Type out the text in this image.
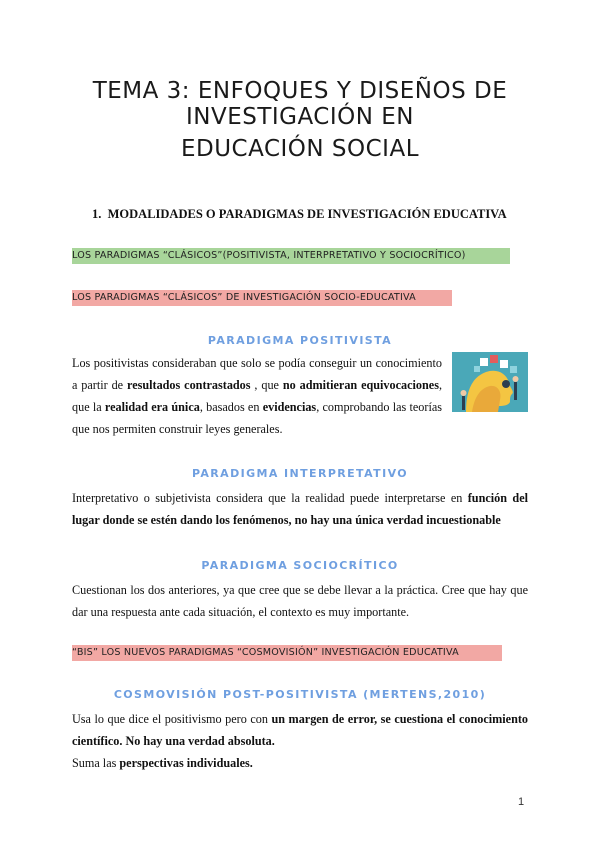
TEMA 3: ENFOQUES Y DISEÑOS DE INVESTIGACIÓN EN
EDUCACIÓN SOCIAL
1. MODALIDADES O PARADIGMAS DE INVESTIGACIÓN EDUCATIVA
LOS PARADIGMAS “CLÁSICOS”(POSITIVISTA, INTERPRETATIVO Y SOCIOCRÍTICO)
LOS PARADIGMAS “CLÁSICOS” DE INVESTIGACIÓN SOCIO-EDUCATIVA
PARADIGMA POSITIVISTA

Los positivistas consideraban que solo se podía conseguir un conocimiento a partir de resultados contrastados , que no admitieran equivocaciones, que la realidad era única, basados en evidencias, comprobando las teorías que nos permiten construir leyes generales.

PARADIGMA INTERPRETATIVO

Interpretativo o subjetivista considera que la realidad puede interpretarse en función del lugar donde se estén dando los fenómenos, no hay una única verdad incuestionable

PARADIGMA SOCIOCRÍTICO

Cuestionan los dos anteriores, ya que cree que se debe llevar a la práctica. Cree que hay que dar una respuesta ante cada situación, el contexto es muy importante.

“BIS” LOS NUEVOS PARADIGMAS “COSMOVISIÓN” INVESTIGACIÓN EDUCATIVA
COSMOVISIÓN POST-POSITIVISTA (MERTENS,2010)

Usa lo que dice el positivismo pero con un margen de error, se cuestiona el conocimiento científico. No hay una verdad absoluta.
Suma las perspectivas individuales.

1
